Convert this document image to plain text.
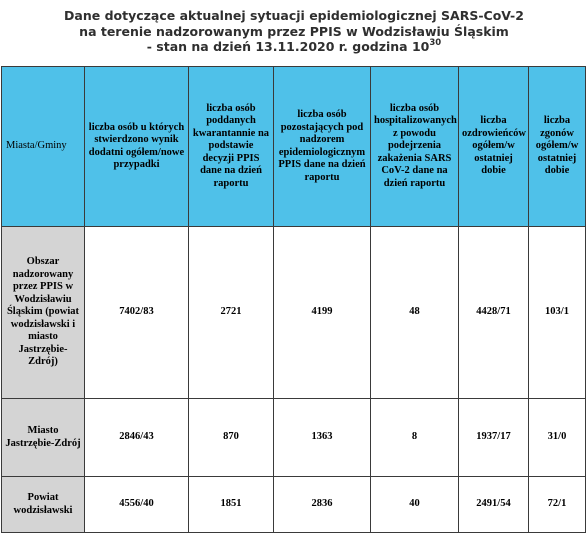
Dane dotyczące aktualnej sytuacji epidemiologicznej SARS-CoV-2
na terenie nadzorowanym przez PPIS w Wodzisławiu Śląskim
- stan na dzień 13.11.2020 r. godzina $10^{30}$
Miasta/Gminy	liczba osób u których stwierdzono wynik dodatni ogółem/nowe przypadki	liczba osób poddanych kwarantannie na podstawie decyzji PPIS dane na dzień raportu	liczba osób pozostających pod nadzorem epidemiologicznym PPIS dane na dzień raportu	liczba osób hospitalizowanych z powodu podejrzenia zakażenia SARS CoV-2 dane na dzień raportu	liczba ozdrowieńców ogółem/w ostatniej dobie	liczba zgonów ogółem/w ostatniej dobie
Obszar nadzorowany przez PPIS w Wodzisławiu Śląskim (powiat wodzisławski i miasto Jastrzębie-Zdrój)	7402/83	2721	4199	48	4428/71	103/1
Miasto Jastrzębie-Zdrój	2846/43	870	1363	8	1937/17	31/0
Powiat wodzisławski	4556/40	1851	2836	40	2491/54	72/1
